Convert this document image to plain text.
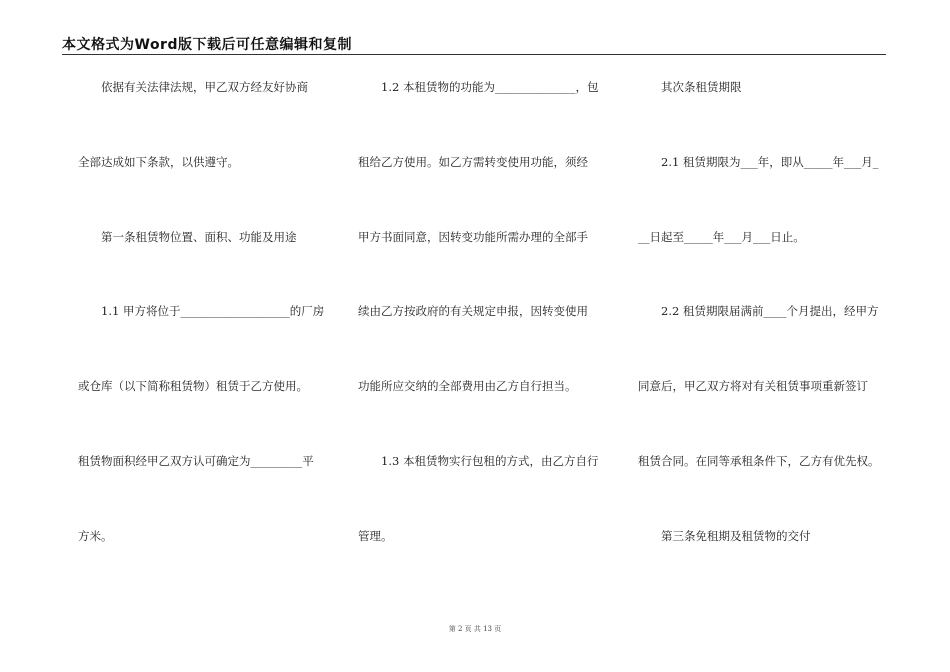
本文格式为Word版下载后可任意编辑和复制
　　依据有关法律法规，甲乙双方经友好协商
全部达成如下条款，以供遵守。
　　第一条租赁物位置、面积、功能及用途
　　1.1 甲方将位于___________________的厂房
或仓库（以下简称租赁物）租赁于乙方使用。
租赁物面积经甲乙双方认可确定为_________平
方米。
　　1.2 本租赁物的功能为______________，包
租给乙方使用。如乙方需转变使用功能，须经
甲方书面同意，因转变功能所需办理的全部手
续由乙方按政府的有关规定申报，因转变使用
功能所应交纳的全部费用由乙方自行担当。
　　1.3 本租赁物实行包租的方式，由乙方自行
管理。
　　其次条租赁期限
　　2.1 租赁期限为___年，即从_____年___月_
__日起至_____年___月___日止。
　　2.2 租赁期限届满前____个月提出，经甲方
同意后，甲乙双方将对有关租赁事项重新签订
租赁合同。在同等承租条件下，乙方有优先权。
　　第三条免租期及租赁物的交付
第 2 页 共 13 页
